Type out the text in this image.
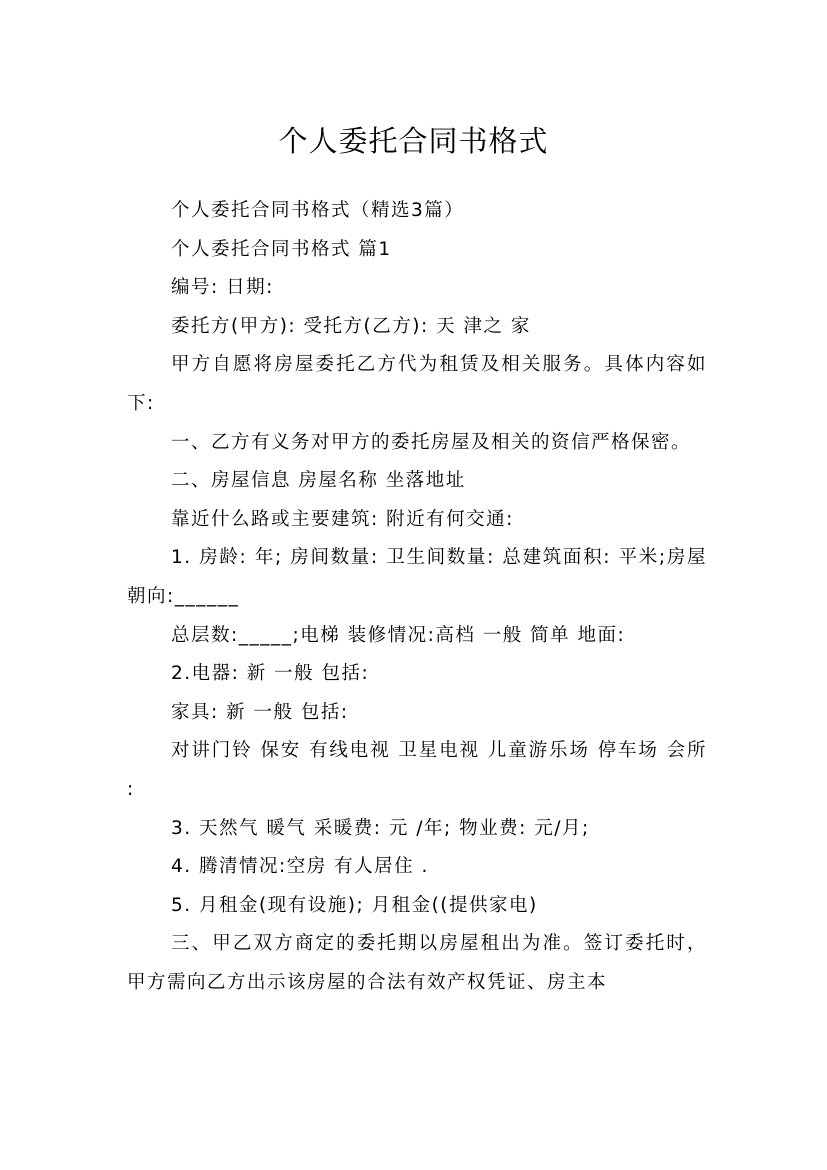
个人委托合同书格式

个人委托合同书格式（精选3篇）

个人委托合同书格式 篇1

编号: 日期:

委托方(甲方): 受托方(乙方): 天 津之 家

甲方自愿将房屋委托乙方代为租赁及相关服务。具体内容如下:

一、乙方有义务对甲方的委托房屋及相关的资信严格保密。

二、房屋信息 房屋名称 坐落地址

靠近什么路或主要建筑: 附近有何交通:

1. 房龄: 年; 房间数量: 卫生间数量: 总建筑面积: 平米;房屋朝向:______

总层数:_____;电梯 装修情况:高档 一般 简单 地面:

2.电器: 新 一般 包括:

家具: 新 一般 包括:

对讲门铃 保安 有线电视 卫星电视 儿童游乐场 停车场 会所 :

3. 天然气 暖气 采暖费: 元 /年; 物业费: 元/月;

4. 腾清情况:空房 有人居住 .

5. 月租金(现有设施); 月租金((提供家电)

三、甲乙双方商定的委托期以房屋租出为准。签订委托时，甲方需向乙方出示该房屋的合法有效产权凭证、房主本
